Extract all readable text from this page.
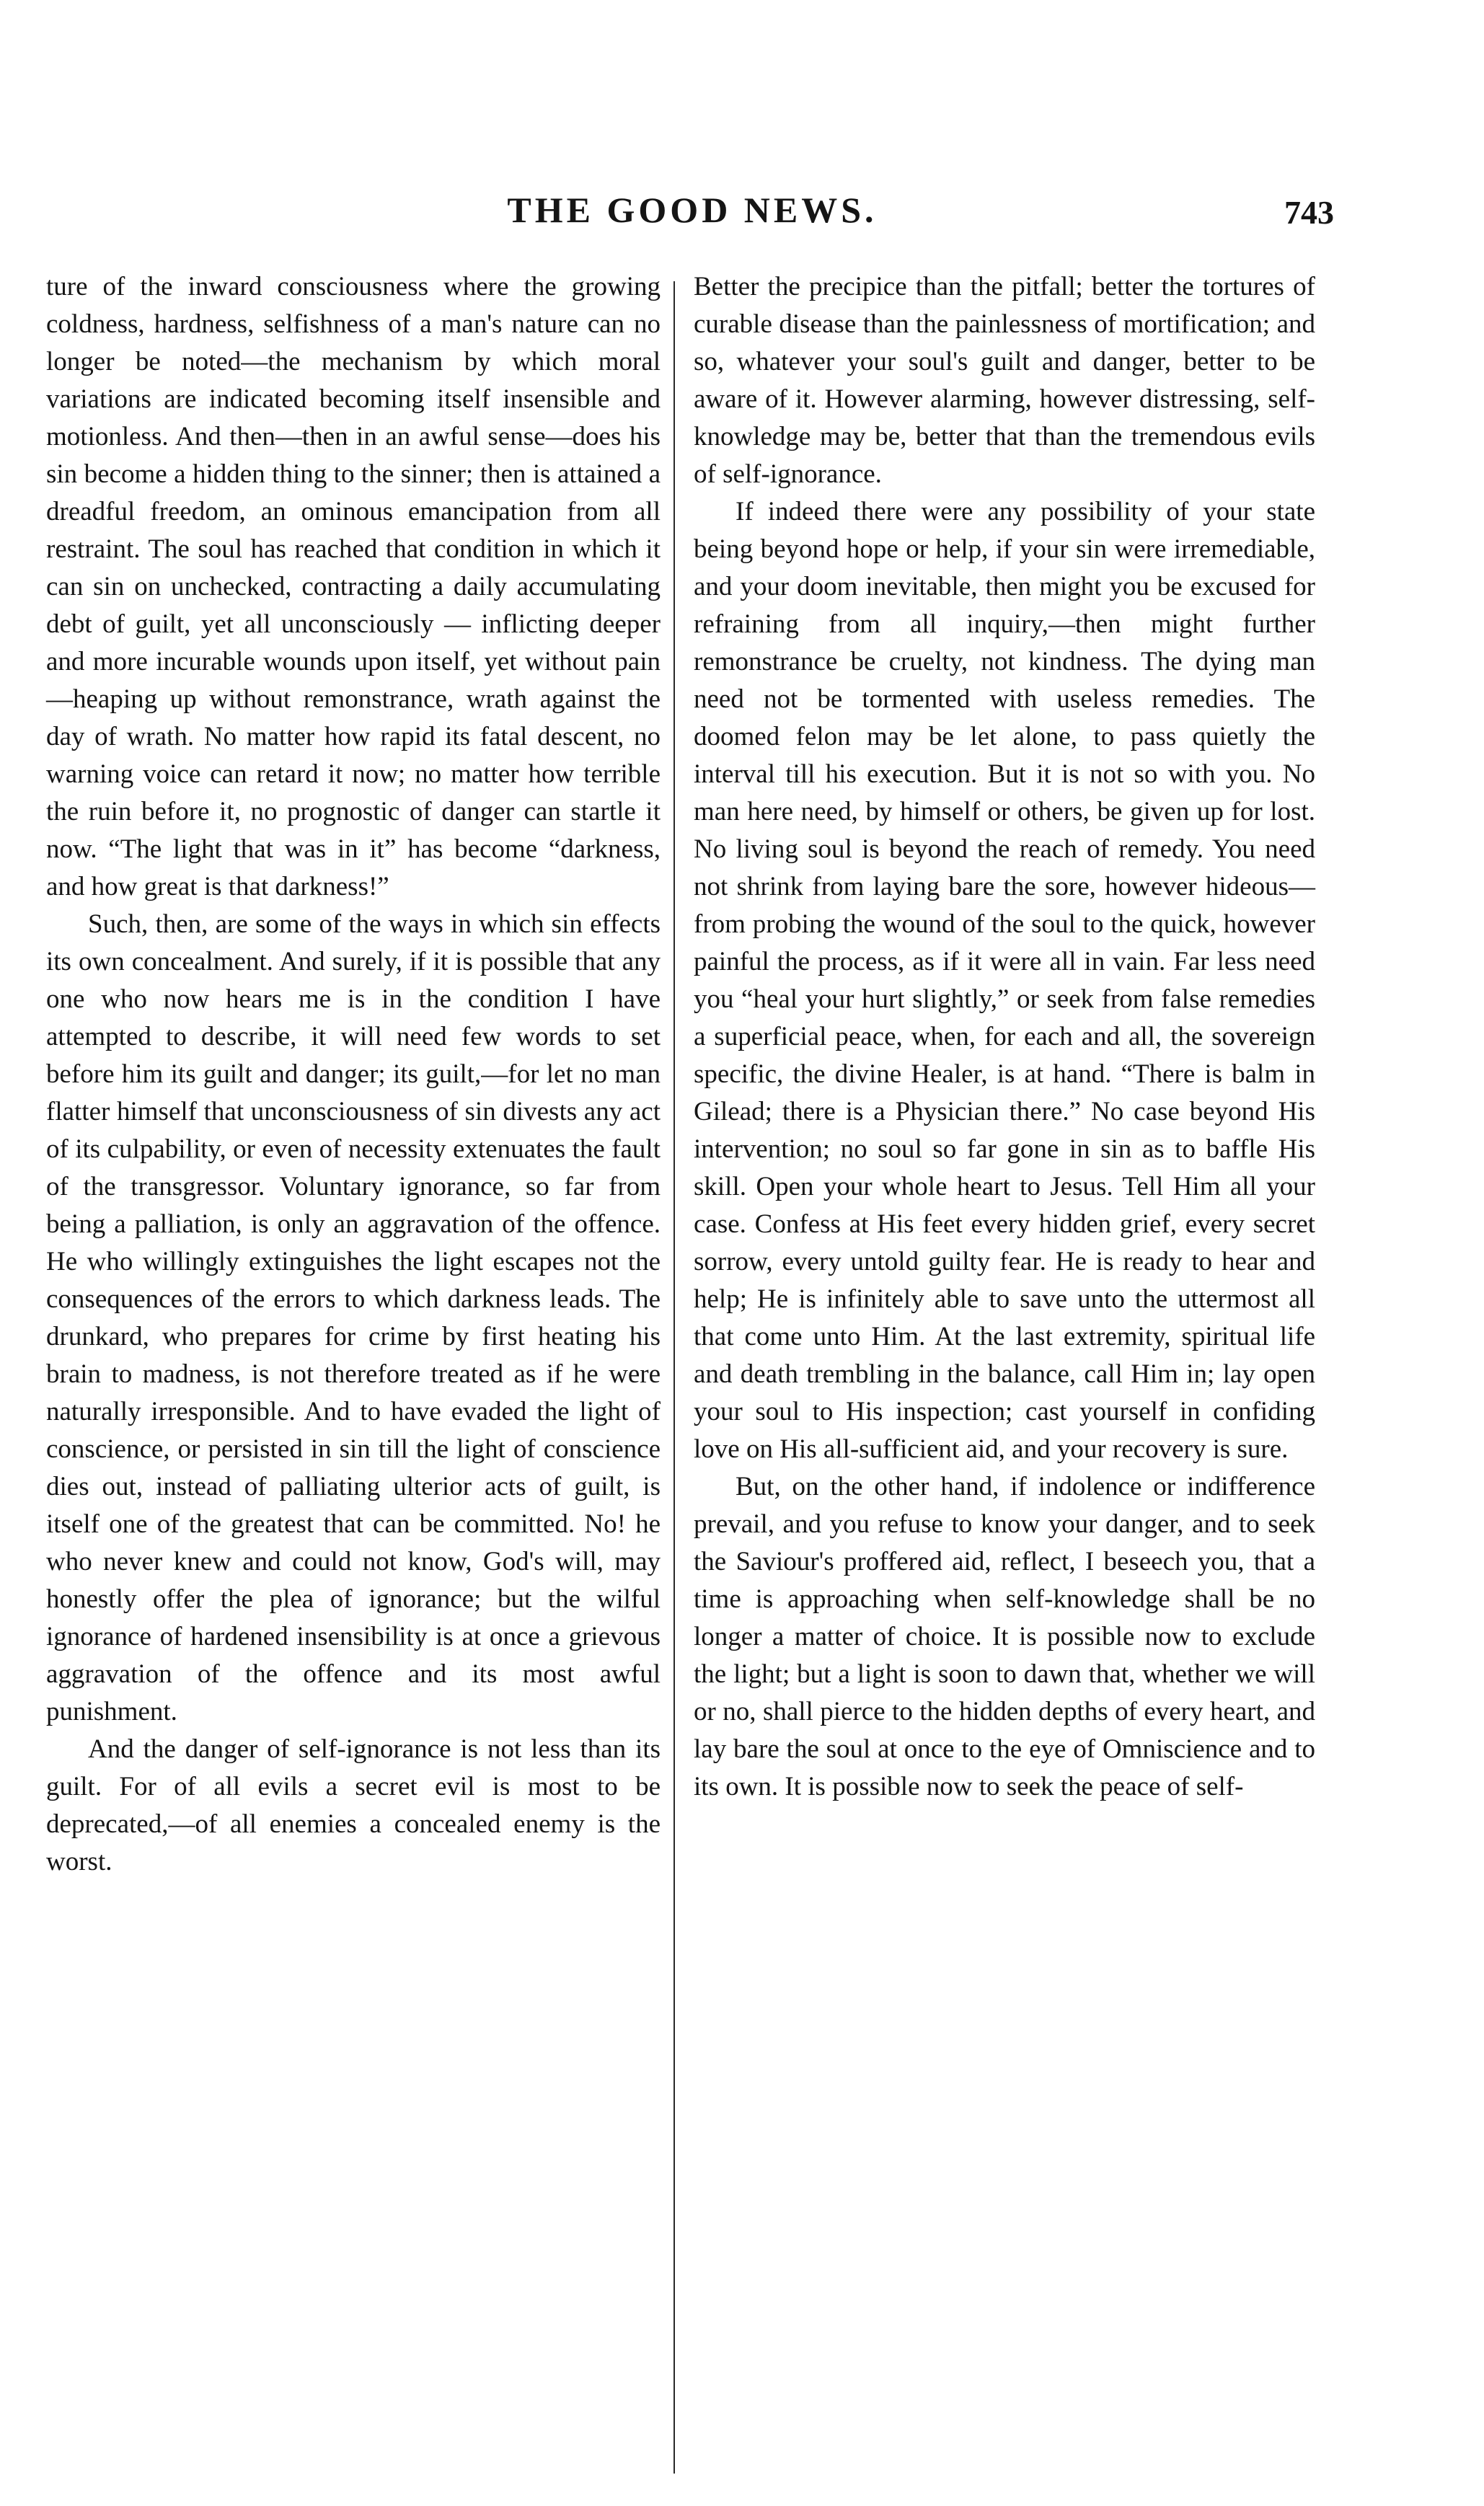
THE GOOD NEWS.	743

ture of the inward consciousness where the growing coldness, hardness, selfishness of a man's nature can no longer be noted—the mechanism by which moral variations are indicated becoming itself insensible and motionless. And then—then in an awful sense—does his sin become a hidden thing to the sinner; then is attained a dreadful freedom, an ominous emancipation from all restraint. The soul has reached that condition in which it can sin on unchecked, contracting a daily accumulating debt of guilt, yet all unconsciously — inflicting deeper and more incurable wounds upon itself, yet without pain—heaping up without remonstrance, wrath against the day of wrath. No matter how rapid its fatal descent, no warning voice can retard it now; no matter how terrible the ruin before it, no prognostic of danger can startle it now. “The light that was in it” has become “darkness, and how great is that darkness!”

Such, then, are some of the ways in which sin effects its own concealment. And surely, if it is possible that any one who now hears me is in the condition I have attempted to describe, it will need few words to set before him its guilt and danger; its guilt,—for let no man flatter himself that unconsciousness of sin divests any act of its culpability, or even of necessity extenuates the fault of the transgressor. Voluntary ignorance, so far from being a palliation, is only an aggravation of the offence. He who willingly extinguishes the light escapes not the consequences of the errors to which darkness leads. The drunkard, who prepares for crime by first heating his brain to madness, is not therefore treated as if he were naturally irresponsible. And to have evaded the light of conscience, or persisted in sin till the light of conscience dies out, instead of palliating ulterior acts of guilt, is itself one of the greatest that can be committed. No! he who never knew and could not know, God's will, may honestly offer the plea of ignorance; but the wilful ignorance of hardened insensibility is at once a grievous aggravation of the offence and its most awful punishment.

And the danger of self-ignorance is not less than its guilt. For of all evils a secret evil is most to be deprecated,—of all enemies a concealed enemy is the worst.

Better the precipice than the pitfall; better the tortures of curable disease than the painlessness of mortification; and so, whatever your soul's guilt and danger, better to be aware of it. However alarming, however distressing, self-knowledge may be, better that than the tremendous evils of self-ignorance.

If indeed there were any possibility of your state being beyond hope or help, if your sin were irremediable, and your doom inevitable, then might you be excused for refraining from all inquiry,—then might further remonstrance be cruelty, not kindness. The dying man need not be tormented with useless remedies. The doomed felon may be let alone, to pass quietly the interval till his execution. But it is not so with you. No man here need, by himself or others, be given up for lost. No living soul is beyond the reach of remedy. You need not shrink from laying bare the sore, however hideous—from probing the wound of the soul to the quick, however painful the process, as if it were all in vain. Far less need you “heal your hurt slightly,” or seek from false remedies a superficial peace, when, for each and all, the sovereign specific, the divine Healer, is at hand. “There is balm in Gilead; there is a Physician there.” No case beyond His intervention; no soul so far gone in sin as to baffle His skill. Open your whole heart to Jesus. Tell Him all your case. Confess at His feet every hidden grief, every secret sorrow, every untold guilty fear. He is ready to hear and help; He is infinitely able to save unto the uttermost all that come unto Him. At the last extremity, spiritual life and death trembling in the balance, call Him in; lay open your soul to His inspection; cast yourself in confiding love on His all-sufficient aid, and your recovery is sure.

But, on the other hand, if indolence or indifference prevail, and you refuse to know your danger, and to seek the Saviour's proffered aid, reflect, I beseech you, that a time is approaching when self-knowledge shall be no longer a matter of choice. It is possible now to exclude the light; but a light is soon to dawn that, whether we will or no, shall pierce to the hidden depths of every heart, and lay bare the soul at once to the eye of Omniscience and to its own. It is possible now to seek the peace of self-
